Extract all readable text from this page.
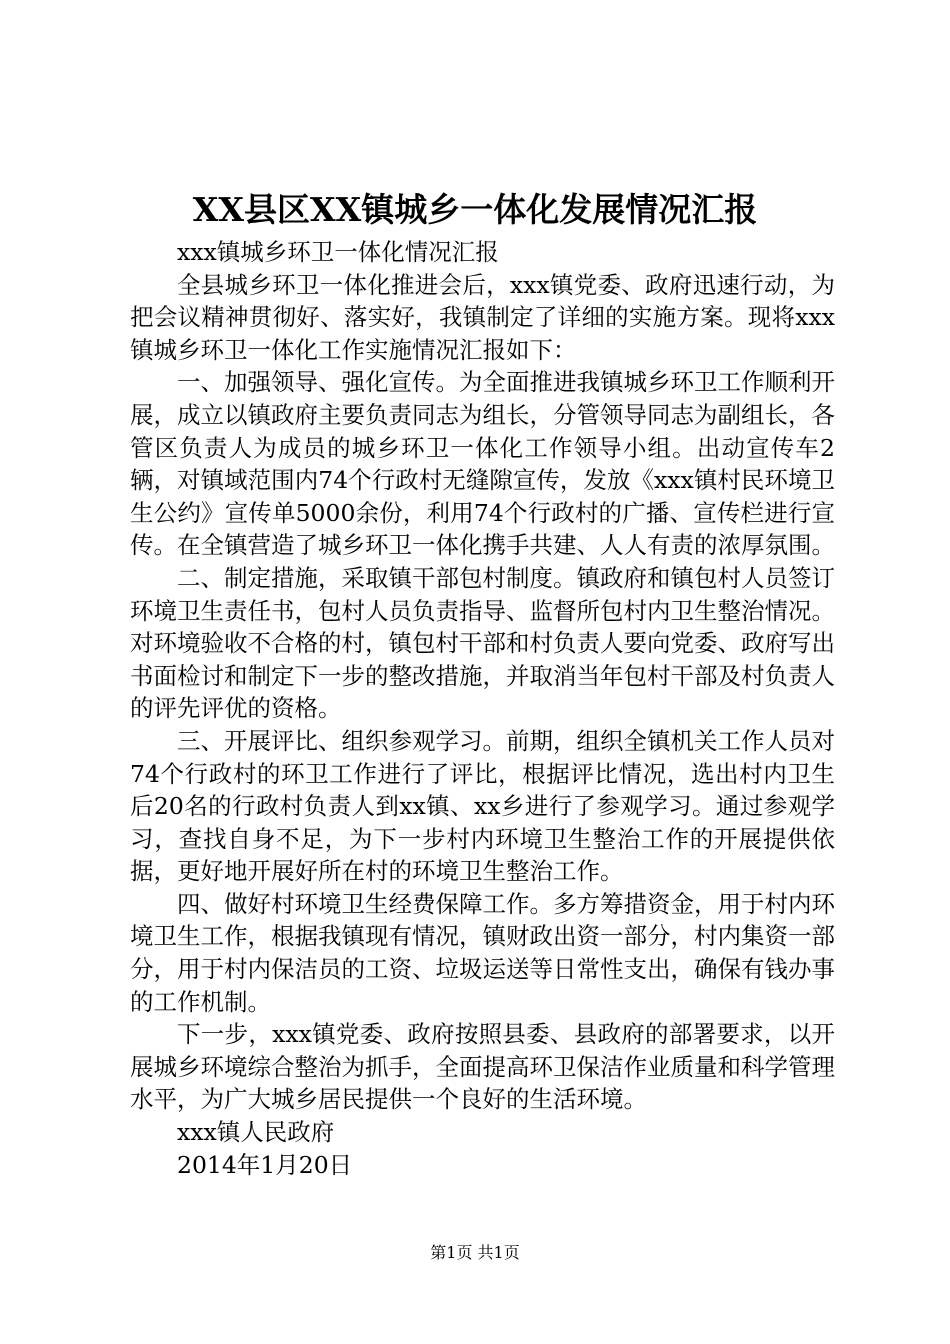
XX县区XX镇城乡一体化发展情况汇报

xxx镇城乡环卫一体化情况汇报

全县城乡环卫一体化推进会后，xxx镇党委、政府迅速行动，为把会议精神贯彻好、落实好，我镇制定了详细的实施方案。现将xxx镇城乡环卫一体化工作实施情况汇报如下：

一、加强领导、强化宣传。为全面推进我镇城乡环卫工作顺利开展，成立以镇政府主要负责同志为组长，分管领导同志为副组长，各管区负责人为成员的城乡环卫一体化工作领导小组。出动宣传车2辆，对镇域范围内74个行政村无缝隙宣传，发放《xxx镇村民环境卫生公约》宣传单5000余份，利用74个行政村的广播、宣传栏进行宣传。在全镇营造了城乡环卫一体化携手共建、人人有责的浓厚氛围。

二、制定措施，采取镇干部包村制度。镇政府和镇包村人员签订环境卫生责任书，包村人员负责指导、监督所包村内卫生整治情况。对环境验收不合格的村，镇包村干部和村负责人要向党委、政府写出书面检讨和制定下一步的整改措施，并取消当年包村干部及村负责人的评先评优的资格。

三、开展评比、组织参观学习。前期，组织全镇机关工作人员对74个行政村的环卫工作进行了评比，根据评比情况，选出村内卫生后20名的行政村负责人到xx镇、xx乡进行了参观学习。通过参观学习，查找自身不足，为下一步村内环境卫生整治工作的开展提供依据，更好地开展好所在村的环境卫生整治工作。

四、做好村环境卫生经费保障工作。多方筹措资金，用于村内环境卫生工作，根据我镇现有情况，镇财政出资一部分，村内集资一部分，用于村内保洁员的工资、垃圾运送等日常性支出，确保有钱办事的工作机制。

下一步，xxx镇党委、政府按照县委、县政府的部署要求，以开展城乡环境综合整治为抓手，全面提高环卫保洁作业质量和科学管理水平，为广大城乡居民提供一个良好的生活环境。

xxx镇人民政府

2014年1月20日

第1页 共1页
